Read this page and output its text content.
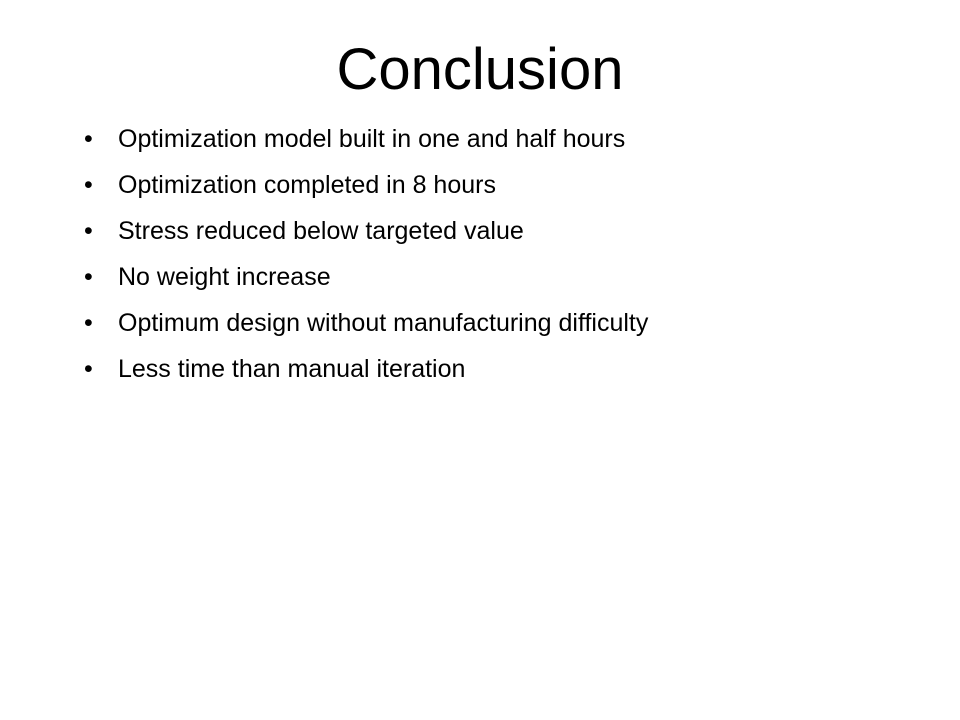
Conclusion
•	Optimization model built in one and half hours
•	Optimization completed in 8 hours
•	Stress reduced below targeted value
•	No weight increase
•	Optimum design without manufacturing difficulty
•	Less time than manual iteration
